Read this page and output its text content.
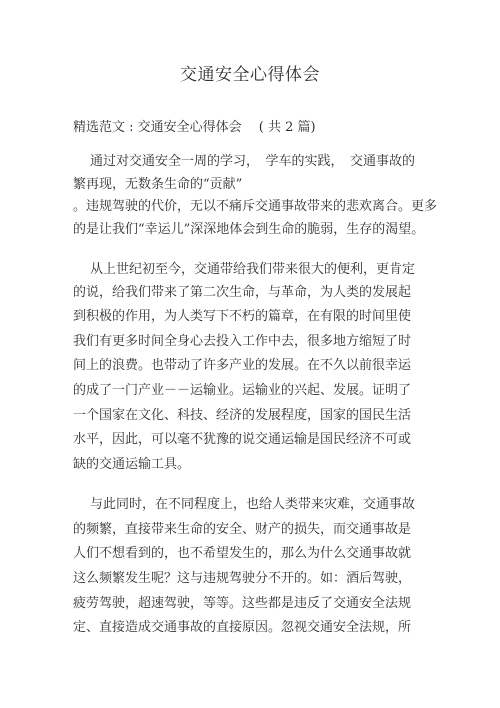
交通安全心得体会
精选范文 : 交通安全心得体会　 ( 共 2 篇)
通过对交通安全一周的学习，　学车的实践，　交通事故的
繁再现，无数条生命的“贡献”
。违规驾驶的代价，无以不痛斥交通事故带来的悲欢离合。更多
的是让我们“幸运儿”深深地体会到生命的脆弱，生存的渴望。
从上世纪初至今，交通带给我们带来很大的便利，更肯定
的说，给我们带来了第二次生命，与革命，为人类的发展起
到积极的作用，为人类写下不朽的篇章，在有限的时间里使
我们有更多时间全身心去投入工作中去，很多地方缩短了时
间上的浪费。也带动了许多产业的发展。在不久以前很幸运
的成了一门产业－－运输业。运输业的兴起、发展。证明了
一个国家在文化、科技、经济的发展程度，国家的国民生活
水平，因此，可以毫不犹豫的说交通运输是国民经济不可或
缺的交通运输工具。
与此同时，在不同程度上，也给人类带来灾难，交通事故
的频繁，直接带来生命的安全、财产的损失，而交通事故是
人们不想看到的，也不希望发生的，那么为什么交通事故就
这么频繁发生呢？这与违规驾驶分不开的。如：酒后驾驶，
疲劳驾驶，超速驾驶，等等。这些都是违反了交通安全法规
定、直接造成交通事故的直接原因。忽视交通安全法规，所
